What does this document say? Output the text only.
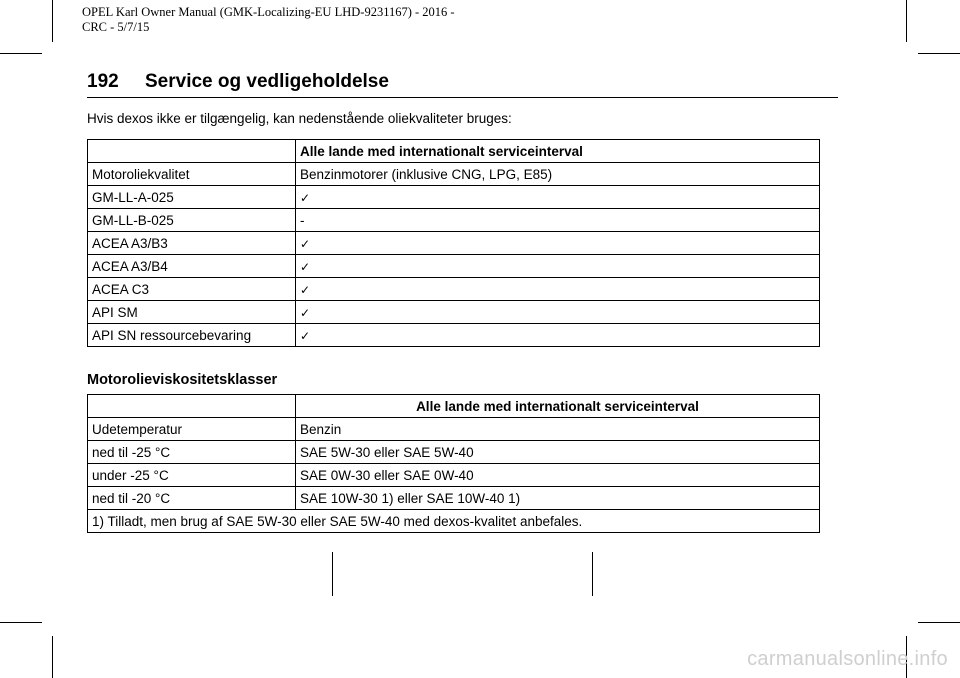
OPEL Karl Owner Manual (GMK-Localizing-EU LHD-9231167) - 2016 -
CRC - 5/7/15
192 Service og vedligeholdelse
Hvis dexos ikke er tilgængelig, kan nedenstående oliekvaliteter bruges:
	Alle lande med internationalt serviceinterval
Motoroliekvalitet	Benzinmotorer (inklusive CNG, LPG, E85)
GM-LL-A-025	✓
GM-LL-B-025	-
ACEA A3/B3	✓
ACEA A3/B4	✓
ACEA C3	✓
API SM	✓
API SN ressourcebevaring	✓
Motorolieviskositetsklasser
	Alle lande med internationalt serviceinterval
Udetemperatur	Benzin
ned til -25 °C	SAE 5W-30 eller SAE 5W-40
under -25 °C	SAE 0W-30 eller SAE 0W-40
ned til -20 °C	SAE 10W-30 1) eller SAE 10W-40 1)
1) Tilladt, men brug af SAE 5W-30 eller SAE 5W-40 med dexos-kvalitet anbefales.	
carmanualsonline.info
